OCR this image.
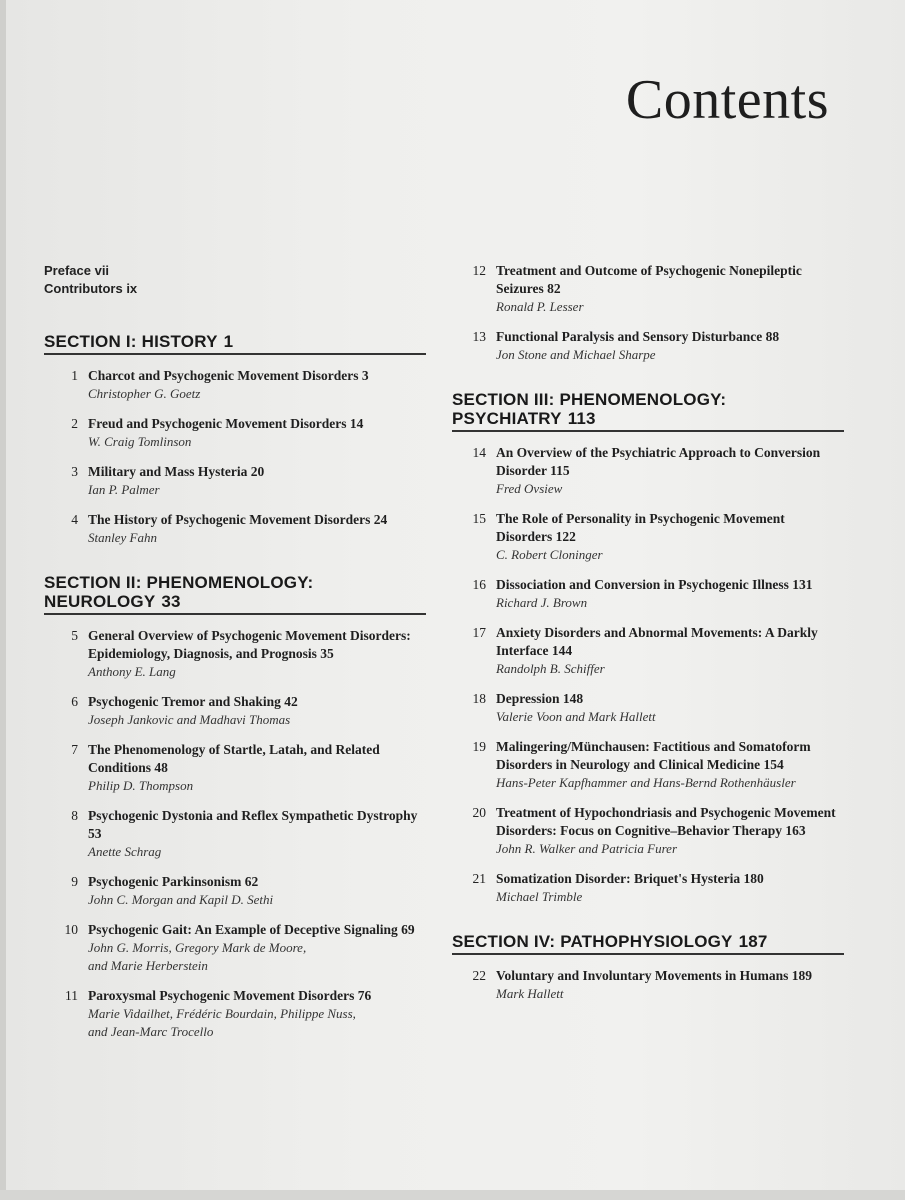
Contents
Preface vii
Contributors ix
SECTION I: HISTORY 1
1 Charcot and Psychogenic Movement Disorders 3
Christopher G. Goetz
2 Freud and Psychogenic Movement Disorders 14
W. Craig Tomlinson
3 Military and Mass Hysteria 20
Ian P. Palmer
4 The History of Psychogenic Movement Disorders 24
Stanley Fahn
SECTION II: PHENOMENOLOGY: NEUROLOGY 33
5 General Overview of Psychogenic Movement Disorders: Epidemiology, Diagnosis, and Prognosis 35
Anthony E. Lang
6 Psychogenic Tremor and Shaking 42
Joseph Jankovic and Madhavi Thomas
7 The Phenomenology of Startle, Latah, and Related Conditions 48
Philip D. Thompson
8 Psychogenic Dystonia and Reflex Sympathetic Dystrophy 53
Anette Schrag
9 Psychogenic Parkinsonism 62
John C. Morgan and Kapil D. Sethi
10 Psychogenic Gait: An Example of Deceptive Signaling 69
John G. Morris, Gregory Mark de Moore,
and Marie Herberstein
11 Paroxysmal Psychogenic Movement Disorders 76
Marie Vidailhet, Frédéric Bourdain, Philippe Nuss,
and Jean-Marc Trocello
12 Treatment and Outcome of Psychogenic Nonepileptic Seizures 82
Ronald P. Lesser
13 Functional Paralysis and Sensory Disturbance 88
Jon Stone and Michael Sharpe
SECTION III: PHENOMENOLOGY: PSYCHIATRY 113
14 An Overview of the Psychiatric Approach to Conversion Disorder 115
Fred Ovsiew
15 The Role of Personality in Psychogenic Movement Disorders 122
C. Robert Cloninger
16 Dissociation and Conversion in Psychogenic Illness 131
Richard J. Brown
17 Anxiety Disorders and Abnormal Movements: A Darkly Interface 144
Randolph B. Schiffer
18 Depression 148
Valerie Voon and Mark Hallett
19 Malingering/Münchausen: Factitious and Somatoform Disorders in Neurology and Clinical Medicine 154
Hans-Peter Kapfhammer and Hans-Bernd Rothenhäusler
20 Treatment of Hypochondriasis and Psychogenic Movement Disorders: Focus on Cognitive–Behavior Therapy 163
John R. Walker and Patricia Furer
21 Somatization Disorder: Briquet's Hysteria 180
Michael Trimble
SECTION IV: PATHOPHYSIOLOGY 187
22 Voluntary and Involuntary Movements in Humans 189
Mark Hallett
